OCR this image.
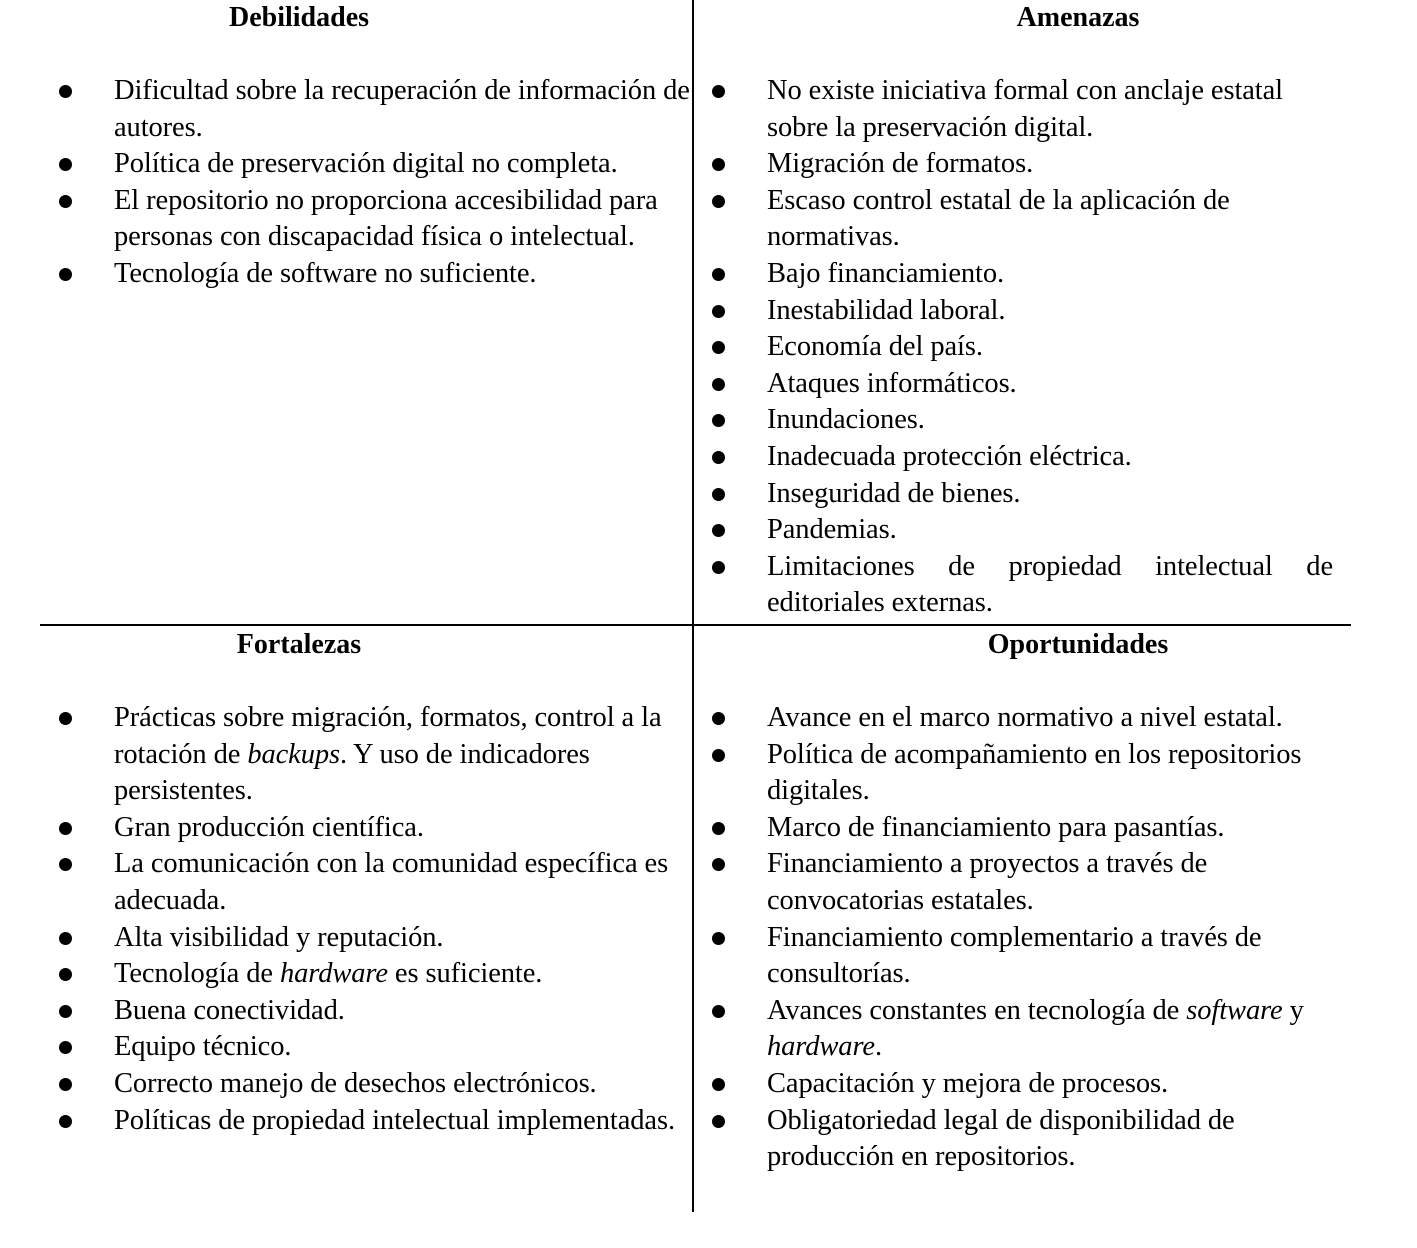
Debilidades
Dificultad sobre la recuperación de información de autores.
Política de preservación digital no completa.
El repositorio no proporciona accesibilidad para personas con discapacidad física o intelectual.
Tecnología de software no suficiente.
Amenazas
No existe iniciativa formal con anclaje estatal sobre la preservación digital.
Migración de formatos.
Escaso control estatal de la aplicación de normativas.
Bajo financiamiento.
Inestabilidad laboral.
Economía del país.
Ataques informáticos.
Inundaciones.
Inadecuada protección eléctrica.
Inseguridad de bienes.
Pandemias.
Limitaciones de propiedad intelectual de editoriales externas.
Fortalezas
Prácticas sobre migración, formatos, control a la rotación de backups. Y uso de indicadores persistentes.
Gran producción científica.
La comunicación con la comunidad específica es adecuada.
Alta visibilidad y reputación.
Tecnología de hardware es suficiente.
Buena conectividad.
Equipo técnico.
Correcto manejo de desechos electrónicos.
Políticas de propiedad intelectual implementadas.
Oportunidades
Avance en el marco normativo a nivel estatal.
Política de acompañamiento en los repositorios digitales.
Marco de financiamiento para pasantías.
Financiamiento a proyectos a través de convocatorias estatales.
Financiamiento complementario a través de consultorías.
Avances constantes en tecnología de software y hardware.
Capacitación y mejora de procesos.
Obligatoriedad legal de disponibilidad de producción en repositorios.
